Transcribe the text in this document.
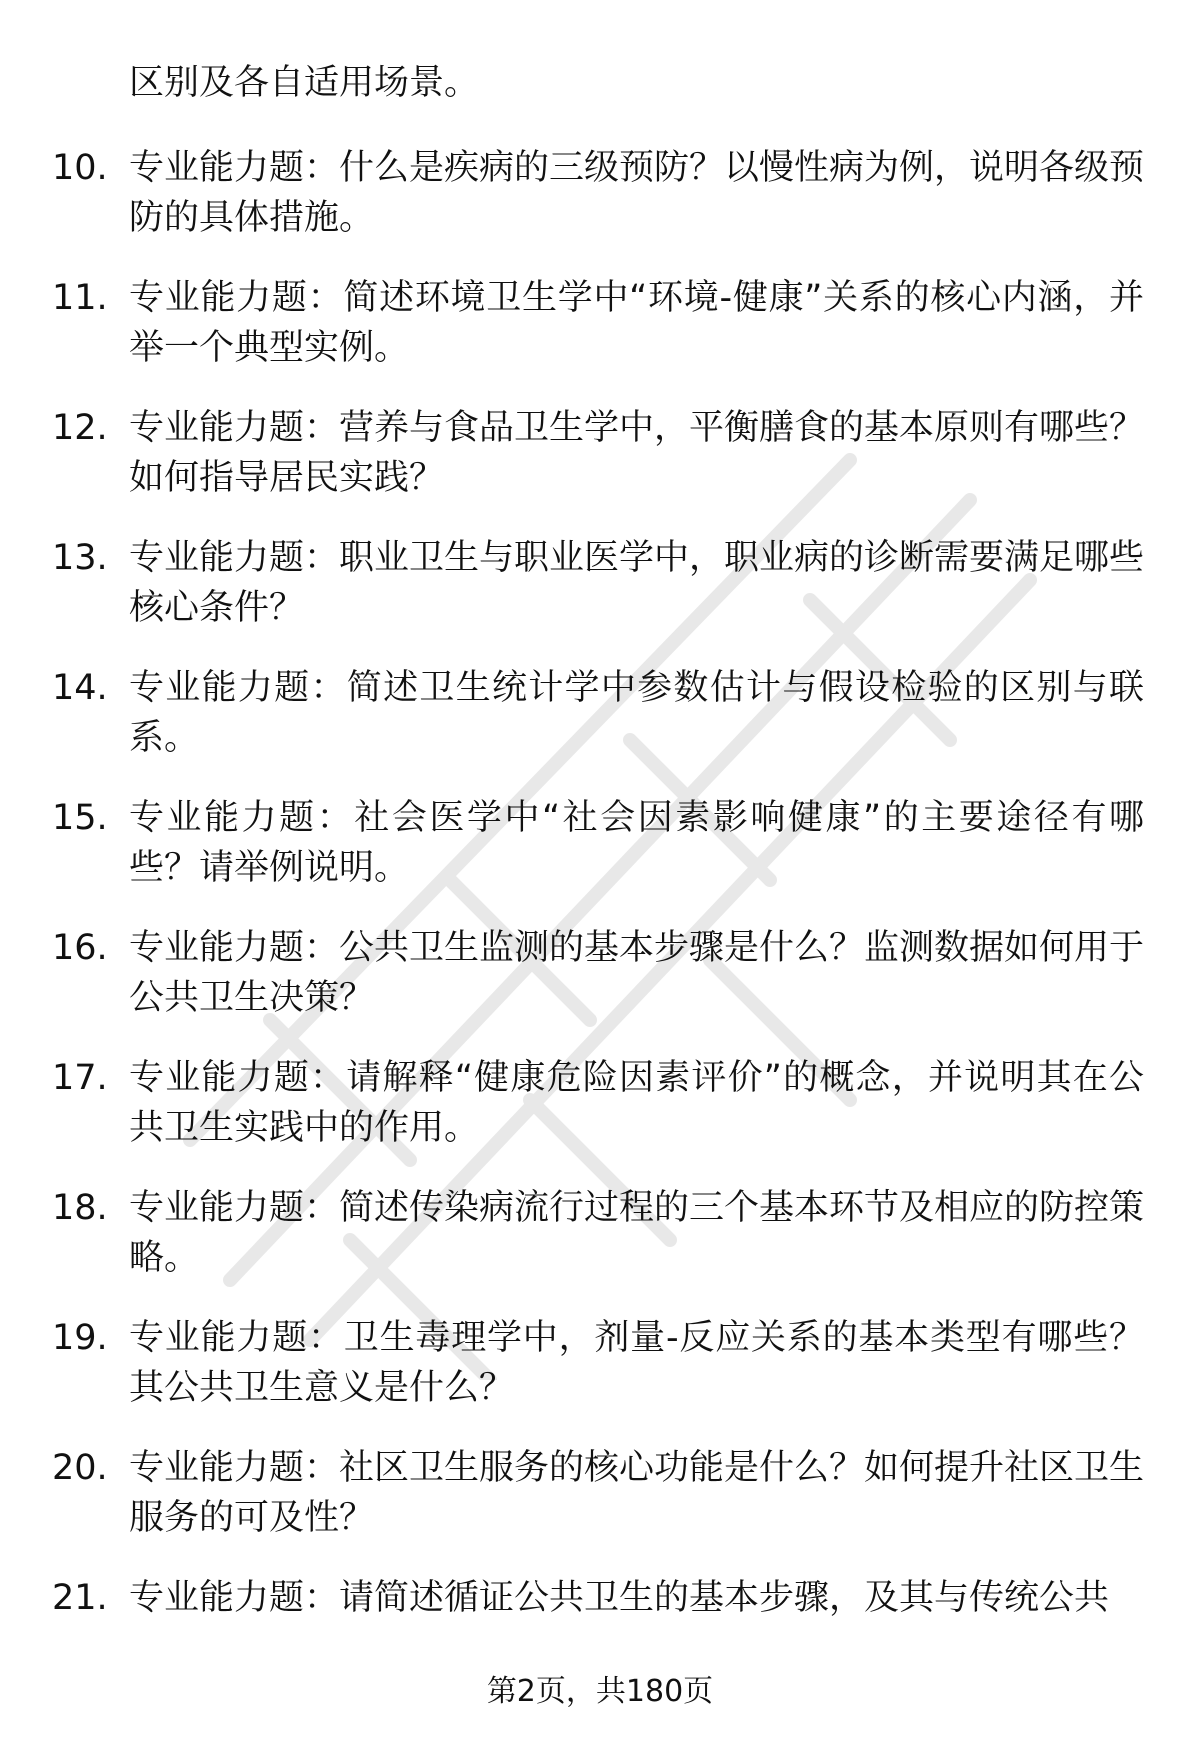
区别及各自适用场景。
10. 专业能力题：什么是疾病的三级预防？以慢性病为例，说明各级预防的具体措施。
11. 专业能力题：简述环境卫生学中“环境-健康”关系的核心内涵，并举一个典型实例。
12. 专业能力题：营养与食品卫生学中，平衡膳食的基本原则有哪些？如何指导居民实践？
13. 专业能力题：职业卫生与职业医学中，职业病的诊断需要满足哪些核心条件？
14. 专业能力题：简述卫生统计学中参数估计与假设检验的区别与联系。
15. 专业能力题：社会医学中“社会因素影响健康”的主要途径有哪些？请举例说明。
16. 专业能力题：公共卫生监测的基本步骤是什么？监测数据如何用于公共卫生决策？
17. 专业能力题：请解释“健康危险因素评价”的概念，并说明其在公共卫生实践中的作用。
18. 专业能力题：简述传染病流行过程的三个基本环节及相应的防控策略。
19. 专业能力题：卫生毒理学中，剂量-反应关系的基本类型有哪些？其公共卫生意义是什么？
20. 专业能力题：社区卫生服务的核心功能是什么？如何提升社区卫生服务的可及性？
21. 专业能力题：请简述循证公共卫生的基本步骤，及其与传统公共
第2页，共180页
